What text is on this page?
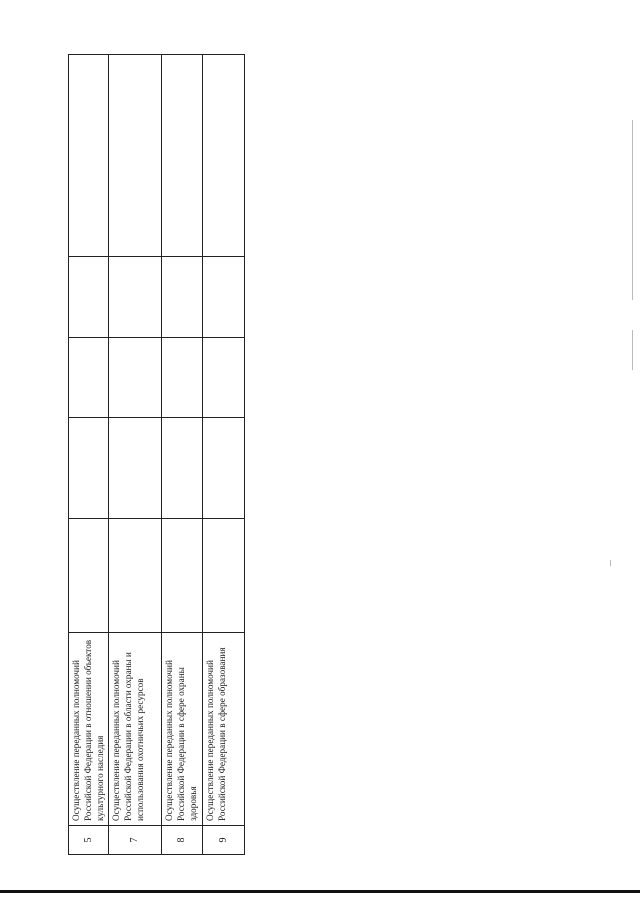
5	Осуществление переданных полномочий Российской Федерации в отношении объектов культурного наследия					
7	Осуществление переданных полномочий Российской Федерации в области охраны и использования охотничьих ресурсов					
8	Осуществление переданных полномочий Российской Федерации в сфере охраны здоровья					
9	Осуществление переданных полномочий Российской Федерации в сфере образования					
